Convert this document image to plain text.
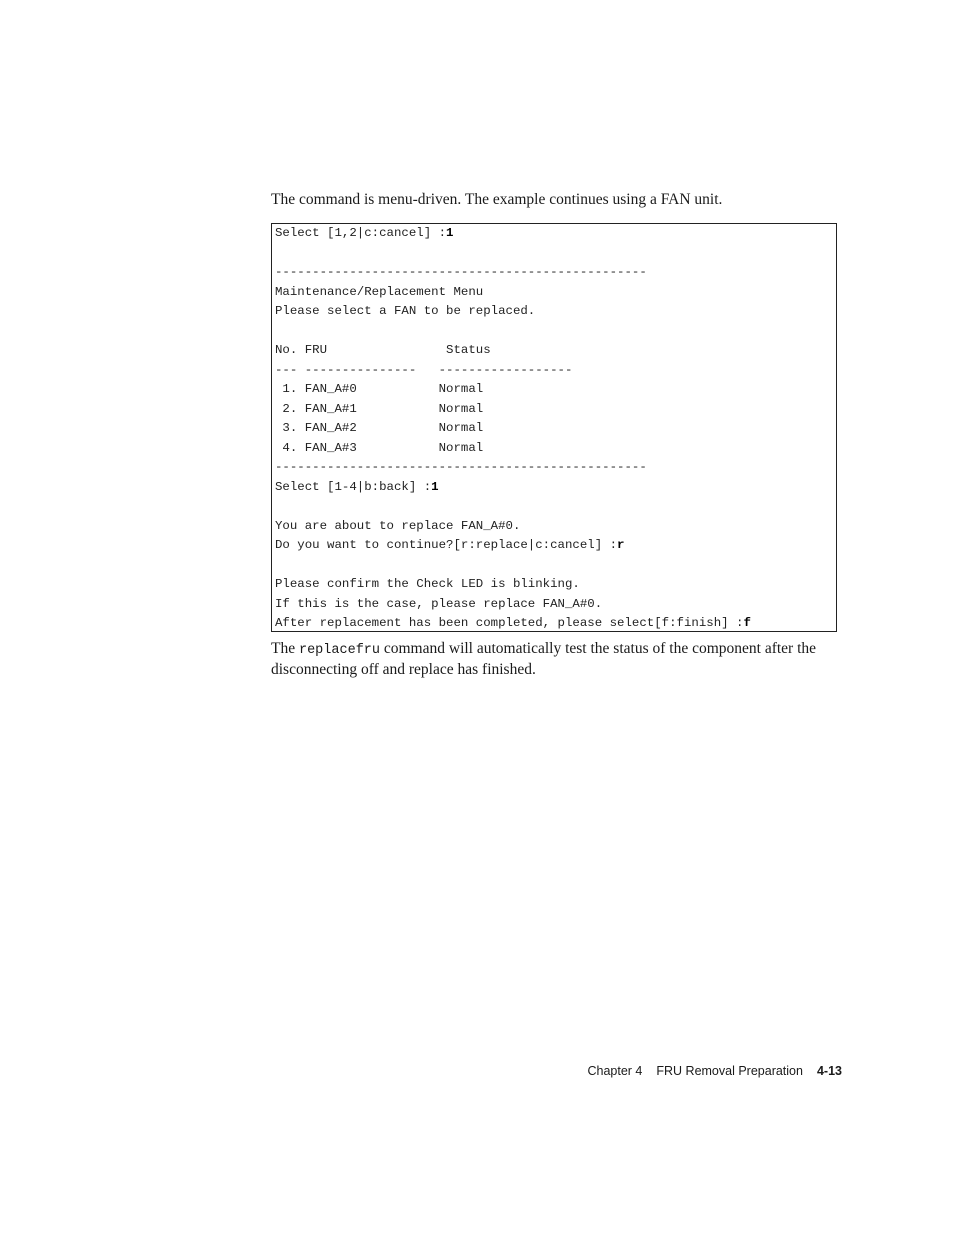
The command is menu-driven. The example continues using a FAN unit.

Select [1,2|c:cancel] :1
--------------------------------------------------
Maintenance/Replacement Menu
Please select a FAN to be replaced.
No. FRU                Status
--- ---------------   ------------------
1. FAN_A#0           Normal
2. FAN_A#1           Normal
3. FAN_A#2           Normal
4. FAN_A#3           Normal
--------------------------------------------------
Select [1-4|b:back] :1
You are about to replace FAN_A#0.
Do you want to continue?[r:replace|c:cancel] :r
Please confirm the Check LED is blinking.
If this is the case, please replace FAN_A#0.
After replacement has been completed, please select[f:finish] :f

The replacefru command will automatically test the status of the component after the disconnecting off and replace has finished.

Chapter 4 FRU Removal Preparation 4-13
